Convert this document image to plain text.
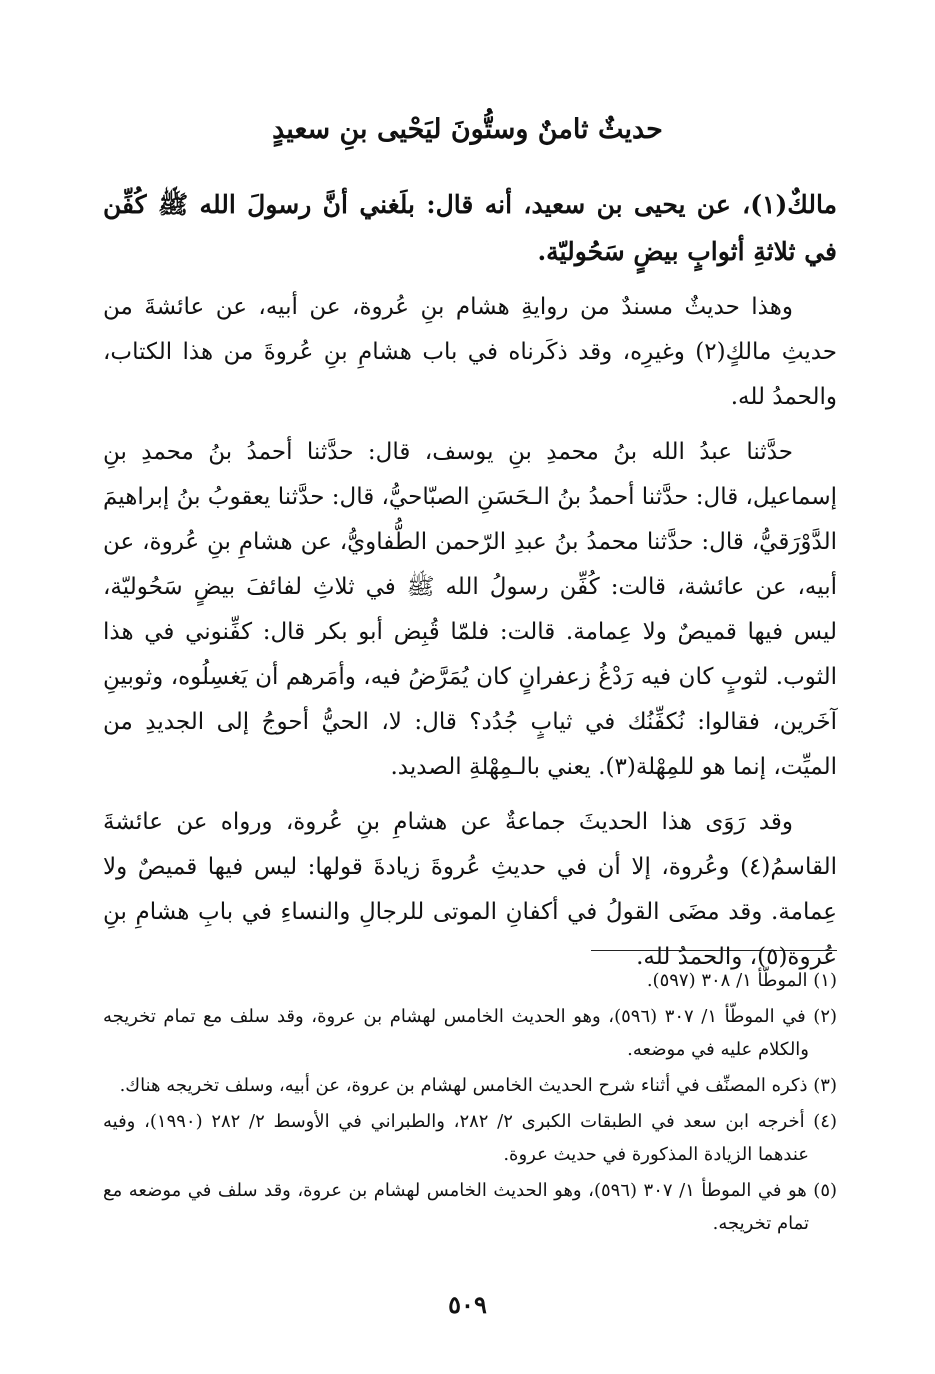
حديثٌ ثامنٌ وستُّونَ ليَحْيى بنِ سعيدٍ

مالكٌ(١)، عن يحيى بن سعيد، أنه قال: بلَغني أنَّ رسولَ الله ﷺ كُفِّن في ثلاثةِ أثوابٍ بيضٍ سَحُوليّة.

وهذا حديثٌ مسندٌ من روايةِ هشام بنِ عُروة، عن أبيه، عن عائشةَ من حديثِ مالكٍ(٢) وغيرِه، وقد ذكَرناه في باب هشامِ بنِ عُروةَ من هذا الكتاب، والحمدُ لله.

حدَّثنا عبدُ الله بنُ محمدِ بنِ يوسف، قال: حدَّثنا أحمدُ بنُ محمدِ بنِ إسماعيل، قال: حدَّثنا أحمدُ بنُ الـحَسَنِ الصبّاحيُّ، قال: حدَّثنا يعقوبُ بنُ إبراهيمَ الدَّوْرَقيُّ، قال: حدَّثنا محمدُ بنُ عبدِ الرّحمن الطُّفاويُّ، عن هشامِ بنِ عُروة، عن أبيه، عن عائشة، قالت: كُفِّن رسولُ الله ﷺ في ثلاثِ لفائفَ بيضٍ سَحُوليّة، ليس فيها قميصٌ ولا عِمامة. قالت: فلمّا قُبِض أبو بكر قال: كفِّنوني في هذا الثوب. لثوبٍ كان فيه رَدْغُ زعفرانٍ كان يُمَرَّضُ فيه، وأمَرهم أن يَغسِلُوه، وثوبينِ آخَرين، فقالوا: نُكفِّنُك في ثيابٍ جُدُد؟ قال: لا، الحيُّ أحوجُ إلى الجديدِ من الميِّت، إنما هو للمِهْلة(٣). يعني بالـمِهْلةِ الصديد.

وقد رَوَى هذا الحديثَ جماعةٌ عن هشامِ بنِ عُروة، ورواه عن عائشةَ القاسمُ(٤) وعُروة، إلا أن في حديثِ عُروةَ زيادةَ قولها: ليس فيها قميصٌ ولا عِمامة. وقد مضَى القولُ في أكفانِ الموتى للرجالِ والنساءِ في بابِ هشامِ بنِ عُروة(٥)، والحمدُ لله.

(١) الموطّأ ١/ ٣٠٨ (٥٩٧).

(٢) في الموطّأ ١/ ٣٠٧ (٥٩٦)، وهو الحديث الخامس لهشام بن عروة، وقد سلف مع تمام تخريجه والكلام عليه في موضعه.

(٣) ذكره المصنِّف في أثناء شرح الحديث الخامس لهشام بن عروة، عن أبيه، وسلف تخريجه هناك.

(٤) أخرجه ابن سعد في الطبقات الكبرى ٢/ ٢٨٢، والطبراني في الأوسط ٢/ ٢٨٢ (١٩٩٠)، وفيه عندهما الزيادة المذكورة في حديث عروة.

(٥) هو في الموطأ ١/ ٣٠٧ (٥٩٦)، وهو الحديث الخامس لهشام بن عروة، وقد سلف في موضعه مع تمام تخريجه.

٥٠٩
